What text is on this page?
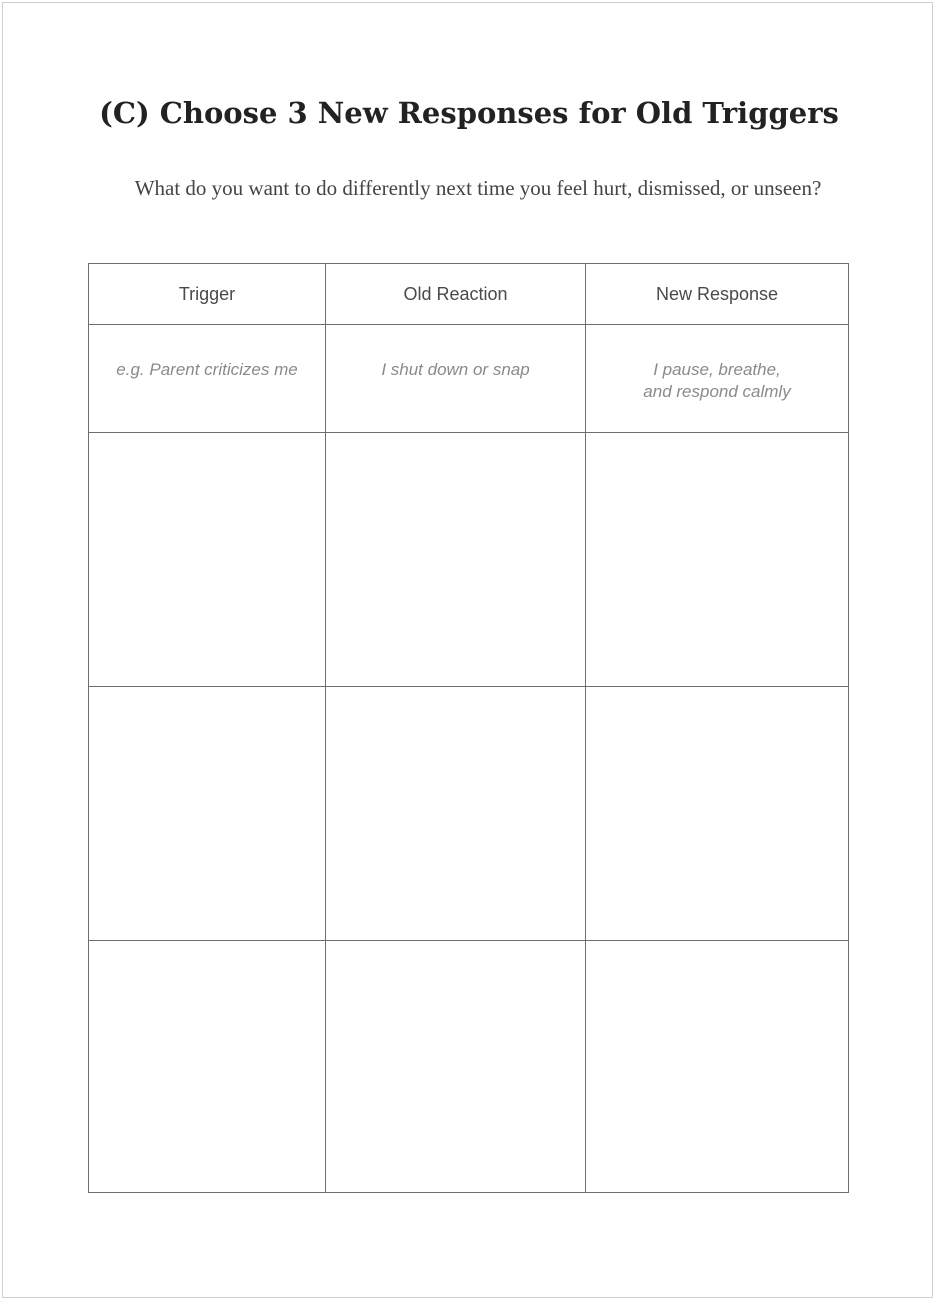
(C) Choose 3 New Responses for Old Triggers

What do you want to do differently next time you feel hurt, dismissed, or unseen?

Trigger	Old Reaction	New Response
e.g. Parent criticizes me	I shut down or snap	I pause, breathe,
and respond calmly
